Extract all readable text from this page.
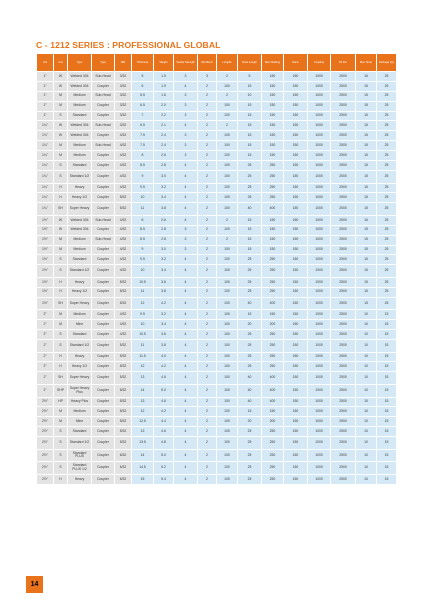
C - 1212 SERIES : PROFESSIONAL GLOBAL
Cat	Cat	Type	Type	MM	Thickness	Weight	Tensile Strength	Min Bend	Lengths	Hose Length	Max Working	Burst	Coupling	Wt Per	Max Temp	Package Qty
1"	W	Welded 304	Sub-Head	3/32	5	1.5	3	3	2	5	150	150	1000	2500	15	25
1"	W	Welded 304	Coupler	3/32	6	1.9	4	2	100	15	150	150	1000	2500	15	25
1"	M	Medium	Sub-Head	3/32	5.5	1.6	3	2	2	10	150	150	1000	2500	15	25
1"	M	Medium	Coupler	3/32	6.5	2.0	3	2	100	15	150	150	1000	2500	15	25
1"	S	Standard	Coupler	3/32	7	2.2	3	2	100	15	150	150	1000	2500	15	25
1¼"	W	Welded 304	Sub-Head	3/32	6.5	2.1	4	2	2	15	150	150	1000	2500	15	25
1¼"	W	Welded 304	Coupler	4/32	7.5	2.4	3	2	100	15	150	150	1000	2500	15	25
1¼"	M	Medium	Sub-Head	4/32	7.5	2.4	3	2	100	15	150	150	1000	2500	15	25
1¼"	M	Medium	Coupler	4/32	8	2.6	3	2	100	15	150	150	1000	2500	15	25
1¼"	S	Standard	Coupler	4/32	8.5	2.8	4	2	100	25	250	150	1000	2500	15	25
1¼"	S	Standard 1/2	Coupler	4/32	9	3.0	4	2	100	25	250	150	1000	2500	15	25
1¼"	H	Heavy	Coupler	4/32	9.5	3.2	4	2	100	25	250	150	1000	2500	15	25
1¼"	H	Heavy 1/2	Coupler	5/32	10	3.4	4	2	100	25	250	150	1000	2500	15	25
1¼"	SH	Super Heavy	Coupler	5/32	11	3.8	4	2	100	40	400	150	1000	2500	15	25
1½"	W	Welded 304	Sub-Head	4/32	8	2.6	4	2	2	15	150	150	1000	2500	15	25
1½"	W	Welded 304	Coupler	4/32	8.5	2.8	3	2	100	15	150	150	1000	2500	15	25
1½"	M	Medium	Sub-Head	4/32	8.5	2.8	3	2	2	15	150	150	1000	2500	15	25
1½"	M	Medium	Coupler	4/32	9	3.0	3	2	100	15	150	150	1000	2500	15	25
1½"	S	Standard	Coupler	4/32	9.5	3.2	4	2	100	25	250	150	1000	2500	15	25
1½"	S	Standard 1/2	Coupler	4/32	10	3.4	4	2	100	25	250	150	1000	2500	15	25
1½"	H	Heavy	Coupler	5/32	10.5	3.6	4	2	100	25	250	150	1000	2500	15	25
1½"	H	Heavy 1/2	Coupler	5/32	11	3.8	4	2	100	25	250	150	1000	2500	15	25
1½"	SH	Super Heavy	Coupler	5/32	12	4.2	4	2	100	40	400	150	1000	2500	15	25
2"	M	Medium	Coupler	4/32	9.5	3.2	4	2	100	15	150	150	1000	2500	10	15
2"	M	Mine	Coupler	4/32	10	3.4	4	2	100	20	200	150	1000	2500	10	15
2"	S	Standard	Coupler	4/32	10.5	3.6	4	2	100	25	250	150	1000	2500	10	15
2"	S	Standard 1/2	Coupler	5/32	11	3.8	4	2	100	25	250	150	1000	2500	10	15
2"	H	Heavy	Coupler	5/32	11.5	4.0	4	2	100	25	250	150	1000	2500	10	15
2"	H	Heavy 1/2	Coupler	5/32	12	4.2	4	2	100	25	250	150	1000	2500	10	15
2"	SH	Super Heavy	Coupler	5/32	13	4.6	4	2	100	40	400	150	1000	2500	10	15
2"	SHP	Super Heavy Plus	Coupler	6/32	14	5.0	4	2	100	40	400	150	1000	2500	10	15
2½"	HP	Heavy Plus	Coupler	5/32	13	4.6	4	2	100	40	400	150	1000	2500	10	15
2½"	M	Medium	Coupler	5/32	12	4.2	4	2	100	15	150	150	1000	2500	10	15
2½"	M	Mine	Coupler	5/32	12.5	4.4	4	2	100	20	200	150	1000	2500	10	15
2½"	S	Standard	Coupler	5/32	13	4.6	4	2	100	25	250	150	1000	2500	10	15
2½"	S	Standard 1/2	Coupler	5/32	13.5	4.8	4	2	100	25	250	150	1000	2500	10	15
2½"	S	Standard PLUS	Coupler	6/32	14	5.0	4	2	100	25	250	150	1000	2500	10	15
2½"	S	Standard PLUS 1/2	Coupler	6/32	14.5	5.2	4	2	100	25	250	150	1000	2500	10	15
2½"	H	Heavy	Coupler	6/32	15	5.4	4	2	100	25	250	150	1000	2500	10	15
14
